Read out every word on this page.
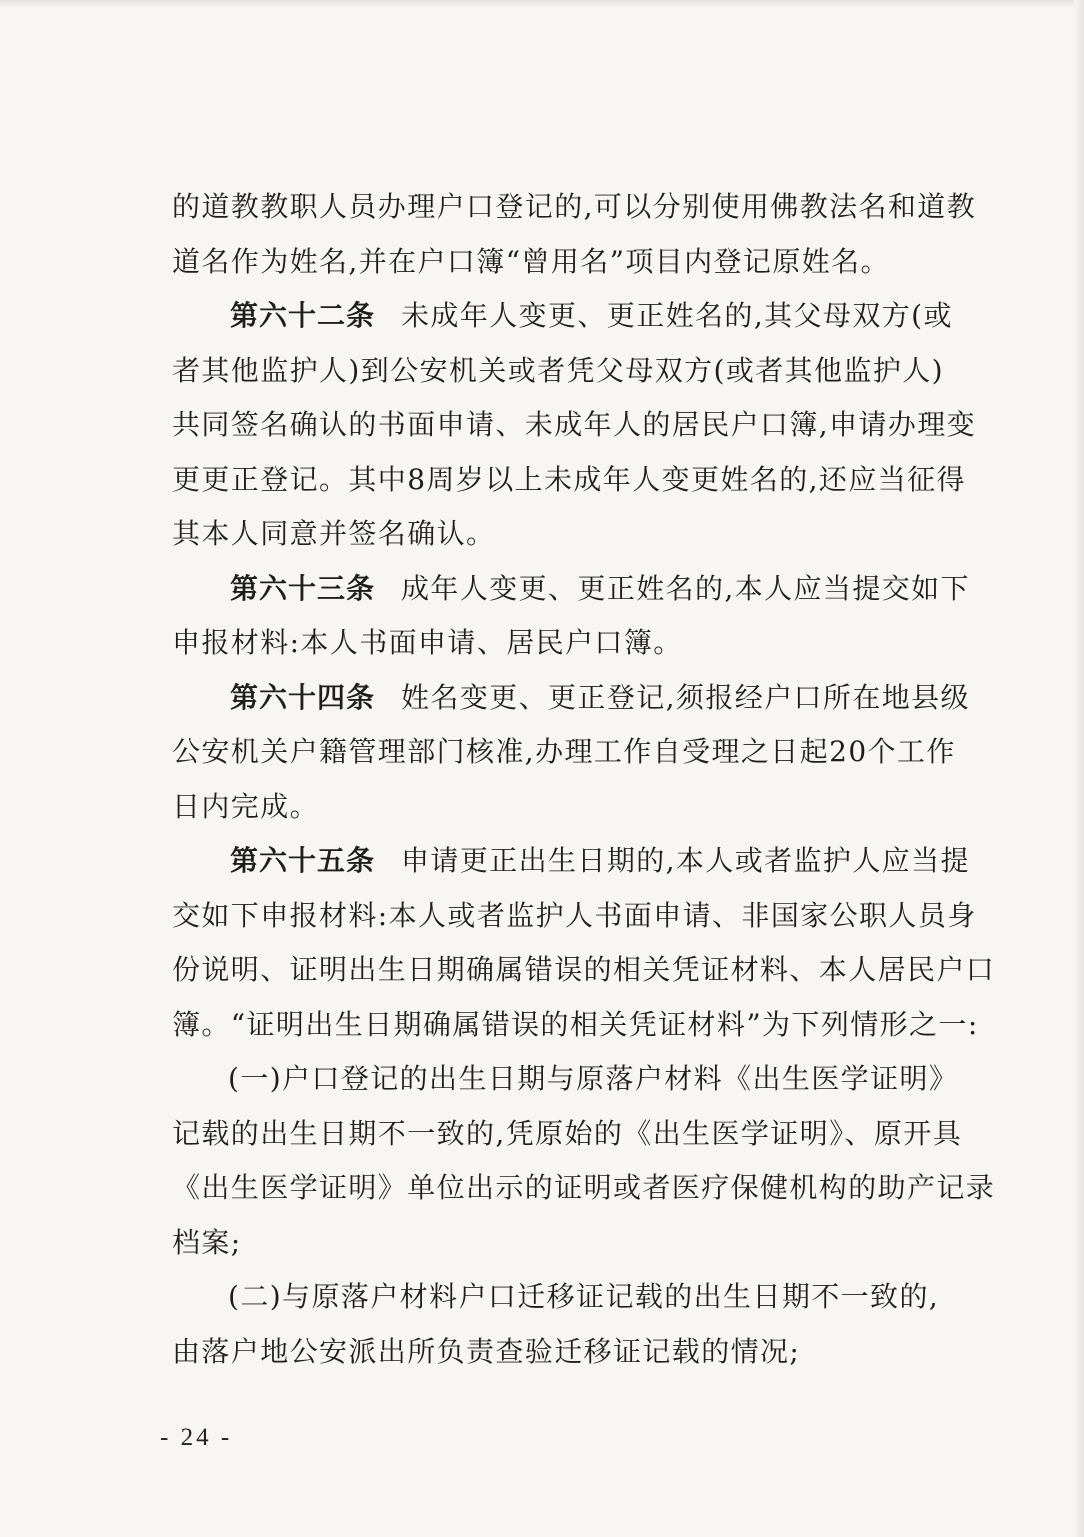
的道教教职人员办理户口登记的,可以分别使用佛教法名和道教
道名作为姓名,并在户口簿“曾用名”项目内登记原姓名。
第六十二条 未成年人变更、更正姓名的,其父母双方(或
者其他监护人)到公安机关或者凭父母双方(或者其他监护人)
共同签名确认的书面申请、未成年人的居民户口簿,申请办理变
更更正登记。其中8周岁以上未成年人变更姓名的,还应当征得
其本人同意并签名确认。
第六十三条 成年人变更、更正姓名的,本人应当提交如下
申报材料:本人书面申请、居民户口簿。
第六十四条 姓名变更、更正登记,须报经户口所在地县级
公安机关户籍管理部门核准,办理工作自受理之日起20个工作
日内完成。
第六十五条 申请更正出生日期的,本人或者监护人应当提
交如下申报材料:本人或者监护人书面申请、非国家公职人员身
份说明、证明出生日期确属错误的相关凭证材料、本人居民户口
簿。“证明出生日期确属错误的相关凭证材料”为下列情形之一:
(一)户口登记的出生日期与原落户材料《出生医学证明》
记载的出生日期不一致的,凭原始的《出生医学证明》、原开具
《出生医学证明》单位出示的证明或者医疗保健机构的助产记录
档案;
(二)与原落户材料户口迁移证记载的出生日期不一致的,
由落户地公安派出所负责查验迁移证记载的情况;
- 24 -
